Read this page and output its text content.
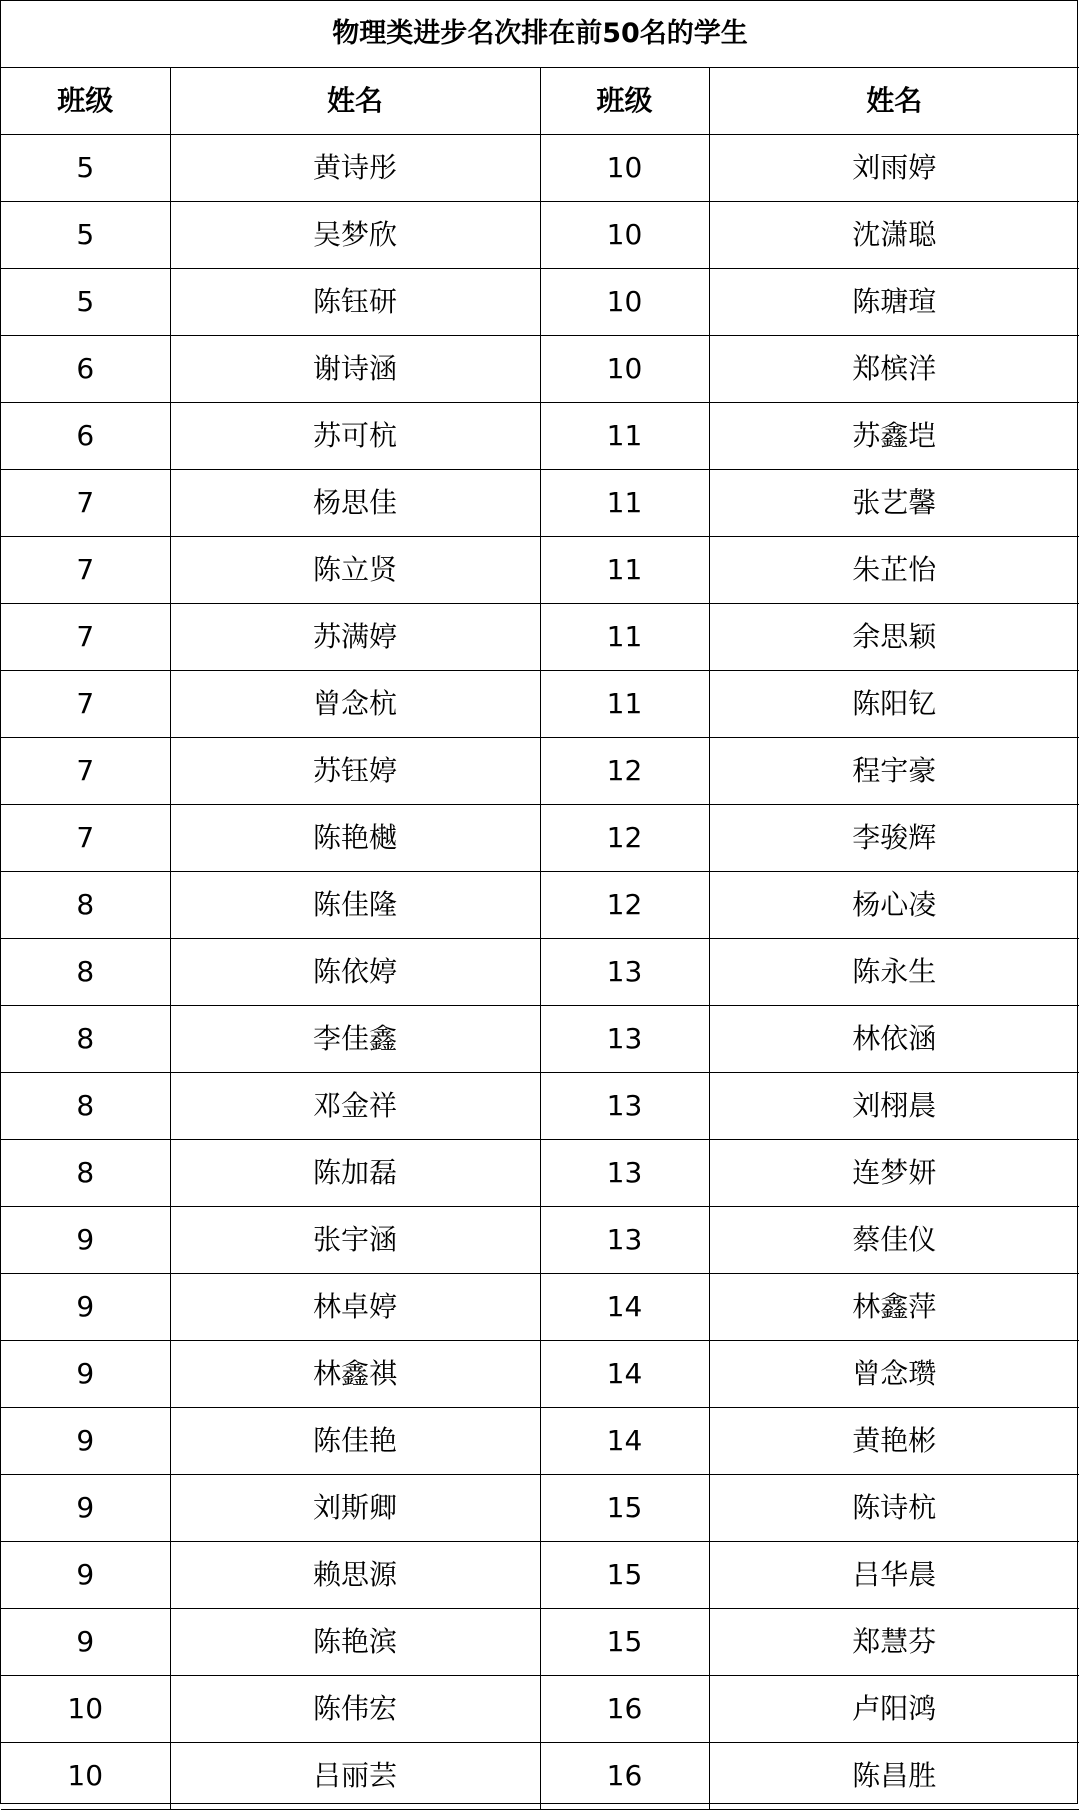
物理类进步名次排在前50名的学生			
班级	姓名	班级	姓名
5	黄诗彤	10	刘雨婷
5	吴梦欣	10	沈潇聪
5	陈钰研	10	陈瑭瑄
6	谢诗涵	10	郑槟洋
6	苏可杭	11	苏鑫垲
7	杨思佳	11	张艺馨
7	陈立贤	11	朱芷怡
7	苏满婷	11	余思颖
7	曾念杭	11	陈阳钇
7	苏钰婷	12	程宇豪
7	陈艳樾	12	李骏辉
8	陈佳隆	12	杨心凌
8	陈依婷	13	陈永生
8	李佳鑫	13	林依涵
8	邓金祥	13	刘栩晨
8	陈加磊	13	连梦妍
9	张宇涵	13	蔡佳仪
9	林卓婷	14	林鑫萍
9	林鑫祺	14	曾念瓒
9	陈佳艳	14	黄艳彬
9	刘斯卿	15	陈诗杭
9	赖思源	15	吕华晨
9	陈艳滨	15	郑慧芬
10	陈伟宏	16	卢阳鸿
10	吕丽芸	16	陈昌胜
